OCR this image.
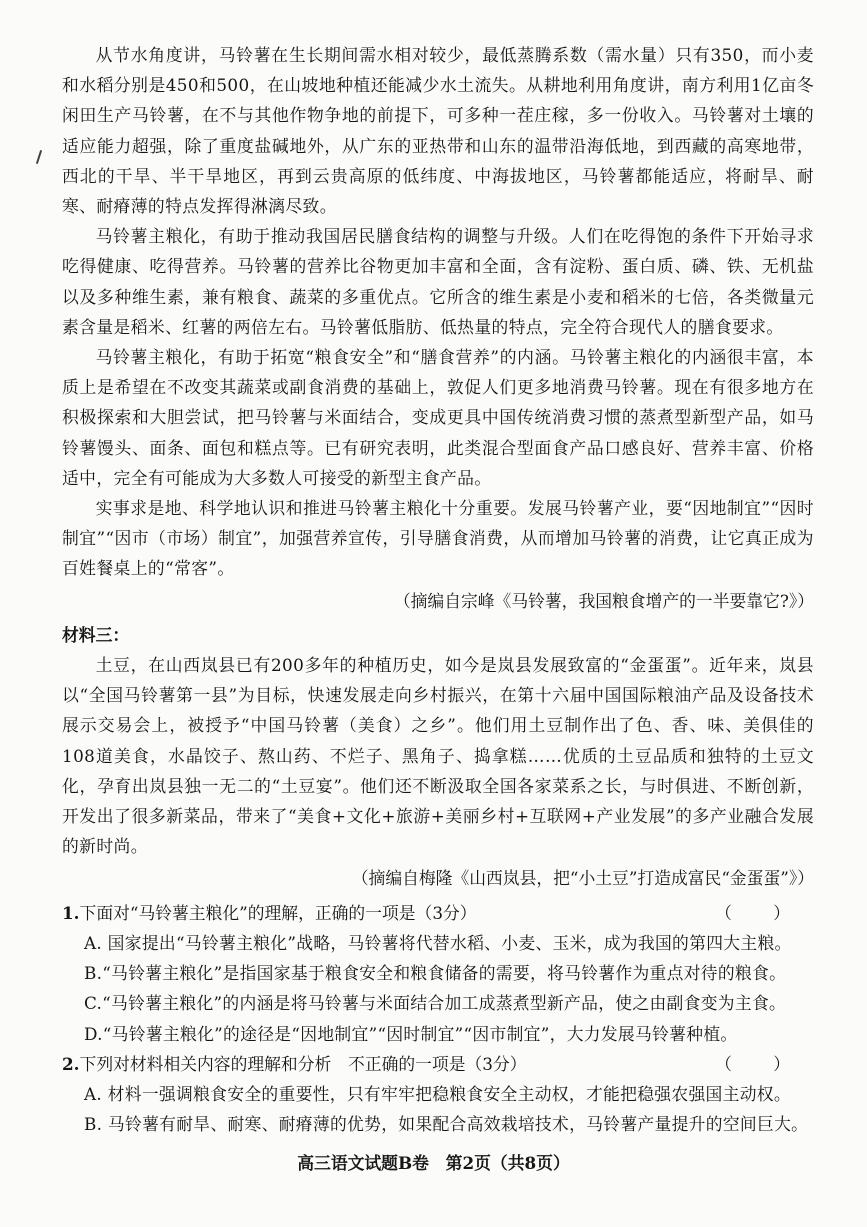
从节水角度讲，马铃薯在生长期间需水相对较少，最低蒸腾系数（需水量）只有350，而小麦和水稻分别是450和500，在山坡地种植还能减少水土流失。从耕地利用角度讲，南方利用1亿亩冬闲田生产马铃薯，在不与其他作物争地的前提下，可多种一茬庄稼，多一份收入。马铃薯对土壤的适应能力超强，除了重度盐碱地外，从广东的亚热带和山东的温带沿海低地，到西藏的高寒地带，西北的干旱、半干旱地区，再到云贵高原的低纬度、中海拔地区，马铃薯都能适应，将耐旱、耐寒、耐瘠薄的特点发挥得淋漓尽致。

马铃薯主粮化，有助于推动我国居民膳食结构的调整与升级。人们在吃得饱的条件下开始寻求吃得健康、吃得营养。马铃薯的营养比谷物更加丰富和全面，含有淀粉、蛋白质、磷、铁、无机盐以及多种维生素，兼有粮食、蔬菜的多重优点。它所含的维生素是小麦和稻米的七倍，各类微量元素含量是稻米、红薯的两倍左右。马铃薯低脂肪、低热量的特点，完全符合现代人的膳食要求。

马铃薯主粮化，有助于拓宽“粮食安全”和“膳食营养”的内涵。马铃薯主粮化的内涵很丰富，本质上是希望在不改变其蔬菜或副食消费的基础上，敦促人们更多地消费马铃薯。现在有很多地方在积极探索和大胆尝试，把马铃薯与米面结合，变成更具中国传统消费习惯的蒸煮型新型产品，如马铃薯馒头、面条、面包和糕点等。已有研究表明，此类混合型面食产品口感良好、营养丰富、价格适中，完全有可能成为大多数人可接受的新型主食产品。

实事求是地、科学地认识和推进马铃薯主粮化十分重要。发展马铃薯产业，要“因地制宜”“因时制宜”“因市（市场）制宜”，加强营养宣传，引导膳食消费，从而增加马铃薯的消费，让它真正成为百姓餐桌上的“常客”。

（摘编自宗峰《马铃薯，我国粮食增产的一半要靠它?》）

材料三：

土豆，在山西岚县已有200多年的种植历史，如今是岚县发展致富的“金蛋蛋”。近年来，岚县以“全国马铃薯第一县”为目标，快速发展走向乡村振兴，在第十六届中国国际粮油产品及设备技术展示交易会上，被授予“中国马铃薯（美食）之乡”。他们用土豆制作出了色、香、味、美俱佳的108道美食，水晶饺子、熬山药、不烂子、黑角子、捣拿糕……优质的土豆品质和独特的土豆文化，孕育出岚县独一无二的“土豆宴”。他们还不断汲取全国各家菜系之长，与时俱进、不断创新，开发出了很多新菜品，带来了“美食+文化+旅游+美丽乡村+互联网+产业发展”的多产业融合发展的新时尚。

（摘编自梅隆《山西岚县，把“小土豆”打造成富民“金蛋蛋”》）

1.下面对“马铃薯主粮化”的理解，正确的一项是（3分）	（ ）

A. 国家提出“马铃薯主粮化”战略，马铃薯将代替水稻、小麦、玉米，成为我国的第四大主粮。

B.“马铃薯主粮化”是指国家基于粮食安全和粮食储备的需要，将马铃薯作为重点对待的粮食。

C.“马铃薯主粮化”的内涵是将马铃薯与米面结合加工成蒸煮型新产品，使之由副食变为主食。

D.“马铃薯主粮化”的途径是“因地制宜”“因时制宜”“因市制宜”，大力发展马铃薯种植。

2.下列对材料相关内容的理解和分析　不正确的一项是（3分）	（ ）

A. 材料一强调粮食安全的重要性，只有牢牢把稳粮食安全主动权，才能把稳强农强国主动权。

B. 马铃薯有耐旱、耐寒、耐瘠薄的优势，如果配合高效栽培技术，马铃薯产量提升的空间巨大。

高三语文试题B卷　第2页（共8页）
